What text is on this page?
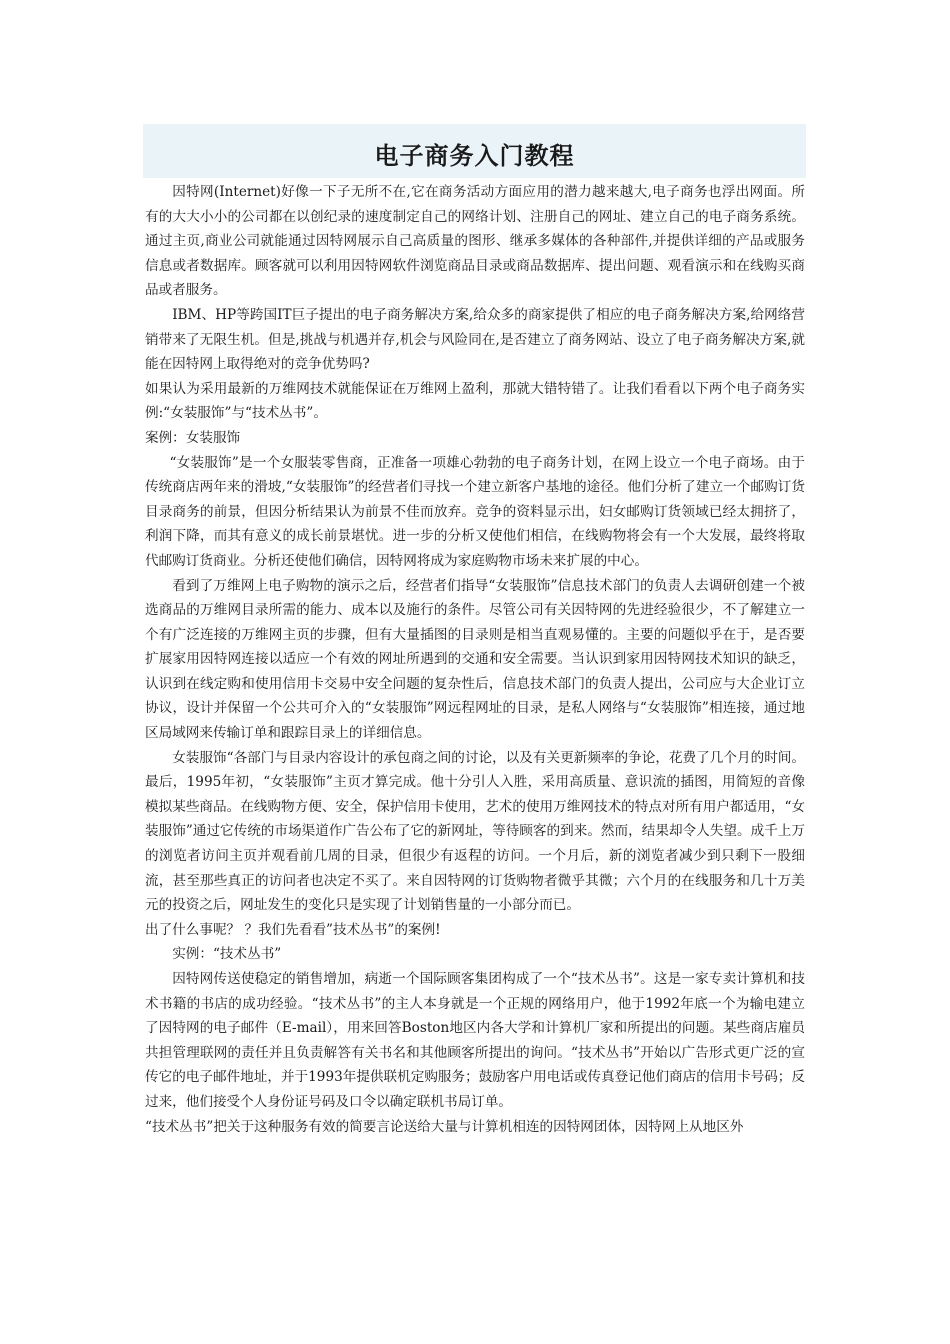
电子商务入门教程

因特网(Internet)好像一下子无所不在,它在商务活动方面应用的潜力越来越大,电子商务也浮出网面。所有的大大小小的公司都在以创纪录的速度制定自己的网络计划、注册自己的网址、建立自己的电子商务系统。通过主页,商业公司就能通过因特网展示自己高质量的图形、继承多媒体的各种部件,并提供详细的产品或服务信息或者数据库。顾客就可以利用因特网软件浏览商品目录或商品数据库、提出问题、观看演示和在线购买商品或者服务。

IBM、HP等跨国IT巨子提出的电子商务解决方案,给众多的商家提供了相应的电子商务解决方案,给网络营销带来了无限生机。但是,挑战与机遇并存,机会与风险同在,是否建立了商务网站、设立了电子商务解决方案,就能在因特网上取得绝对的竞争优势吗?

如果认为采用最新的万维网技术就能保证在万维网上盈利，那就大错特错了。让我们看看以下两个电子商务实例:“女装服饰”与“技术丛书”。

案例：女装服饰

“女装服饰”是一个女服装零售商，正准备一项雄心勃勃的电子商务计划，在网上设立一个电子商场。由于传统商店两年来的滑坡,“女装服饰”的经营者们寻找一个建立新客户基地的途径。他们分析了建立一个邮购订货目录商务的前景，但因分析结果认为前景不佳而放弃。竞争的资料显示出，妇女邮购订货领域已经太拥挤了，利润下降，而其有意义的成长前景堪忧。进一步的分析又使他们相信，在线购物将会有一个大发展，最终将取代邮购订货商业。分析还使他们确信，因特网将成为家庭购物市场未来扩展的中心。

看到了万维网上电子购物的演示之后，经营者们指导“女装服饰”信息技术部门的负责人去调研创建一个被选商品的万维网目录所需的能力、成本以及施行的条件。尽管公司有关因特网的先进经验很少，不了解建立一个有广泛连接的万维网主页的步骤，但有大量插图的目录则是相当直观易懂的。主要的问题似乎在于，是否要扩展家用因特网连接以适应一个有效的网址所遇到的交通和安全需要。当认识到家用因特网技术知识的缺乏，认识到在线定购和使用信用卡交易中安全问题的复杂性后，信息技术部门的负责人提出，公司应与大企业订立协议，设计并保留一个公共可介入的“女装服饰”网远程网址的目录，是私人网络与“女装服饰”相连接，通过地区局域网来传输订单和跟踪目录上的详细信息。

女装服饰“各部门与目录内容设计的承包商之间的讨论，以及有关更新频率的争论，花费了几个月的时间。最后，1995年初，“女装服饰”主页才算完成。他十分引人入胜，采用高质量、意识流的插图，用简短的音像模拟某些商品。在线购物方便、安全，保护信用卡使用，艺术的使用万维网技术的特点对所有用户都适用，“女装服饰”通过它传统的市场渠道作广告公布了它的新网址，等待顾客的到来。然而，结果却令人失望。成千上万的浏览者访问主页并观看前几周的目录，但很少有返程的访问。一个月后，新的浏览者减少到只剩下一股细流，甚至那些真正的访问者也决定不买了。来自因特网的订货购物者微乎其微；六个月的在线服务和几十万美元的投资之后，网址发生的变化只是实现了计划销售量的一小部分而已。

出了什么事呢？ ？我们先看看”技术丛书”的案例!

实例：“技术丛书”

因特网传送使稳定的销售增加，病逝一个国际顾客集团构成了一个“技术丛书”。这是一家专卖计算机和技术书籍的书店的成功经验。“技术丛书”的主人本身就是一个正规的网络用户，他于1992年底一个为输电建立了因特网的电子邮件（E-mail），用来回答Boston地区内各大学和计算机厂家和所提出的问题。某些商店雇员共担管理联网的责任并且负责解答有关书名和其他顾客所提出的询问。“技术丛书”开始以广告形式更广泛的宣传它的电子邮件地址，并于1993年提供联机定购服务；鼓励客户用电话或传真登记他们商店的信用卡号码；反过来，他们接受个人身份证号码及口令以确定联机书局订单。

“技术丛书”把关于这种服务有效的简要言论送给大量与计算机相连的因特网团体，因特网上从地区外
